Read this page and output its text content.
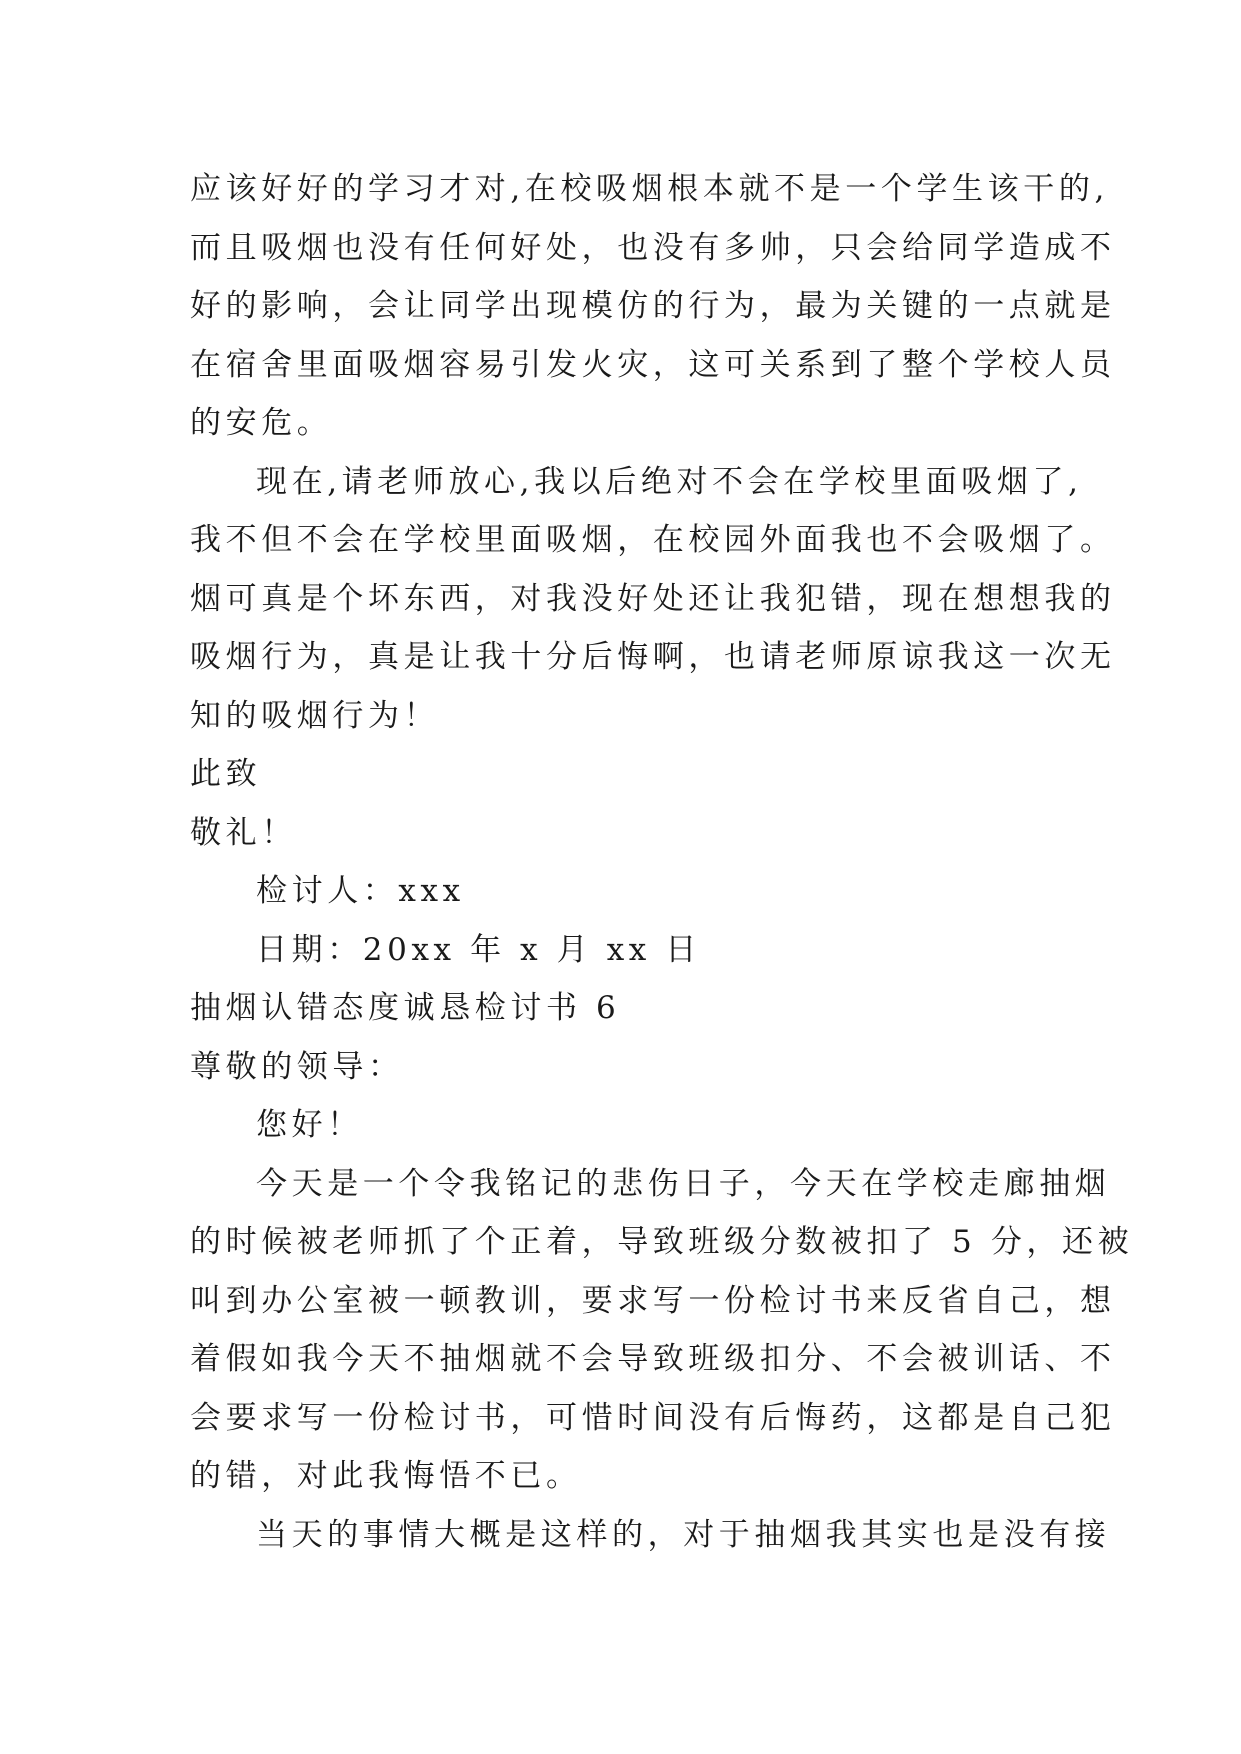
应该好好的学习才对,在校吸烟根本就不是一个学生该干的,
而且吸烟也没有任何好处，也没有多帅，只会给同学造成不
好的影响，会让同学出现模仿的行为，最为关键的一点就是
在宿舍里面吸烟容易引发火灾，这可关系到了整个学校人员
的安危。
现在,请老师放心,我以后绝对不会在学校里面吸烟了,
我不但不会在学校里面吸烟，在校园外面我也不会吸烟了。
烟可真是个坏东西，对我没好处还让我犯错，现在想想我的
吸烟行为，真是让我十分后悔啊，也请老师原谅我这一次无
知的吸烟行为！
此致
敬礼！
检讨人：xxx
日期：20xx 年 x 月 xx 日
抽烟认错态度诚恳检讨书 6
尊敬的领导：
您好！
今天是一个令我铭记的悲伤日子，今天在学校走廊抽烟
的时候被老师抓了个正着，导致班级分数被扣了 5 分，还被
叫到办公室被一顿教训，要求写一份检讨书来反省自己，想
着假如我今天不抽烟就不会导致班级扣分、不会被训话、不
会要求写一份检讨书，可惜时间没有后悔药，这都是自己犯
的错，对此我悔悟不已。
当天的事情大概是这样的，对于抽烟我其实也是没有接
